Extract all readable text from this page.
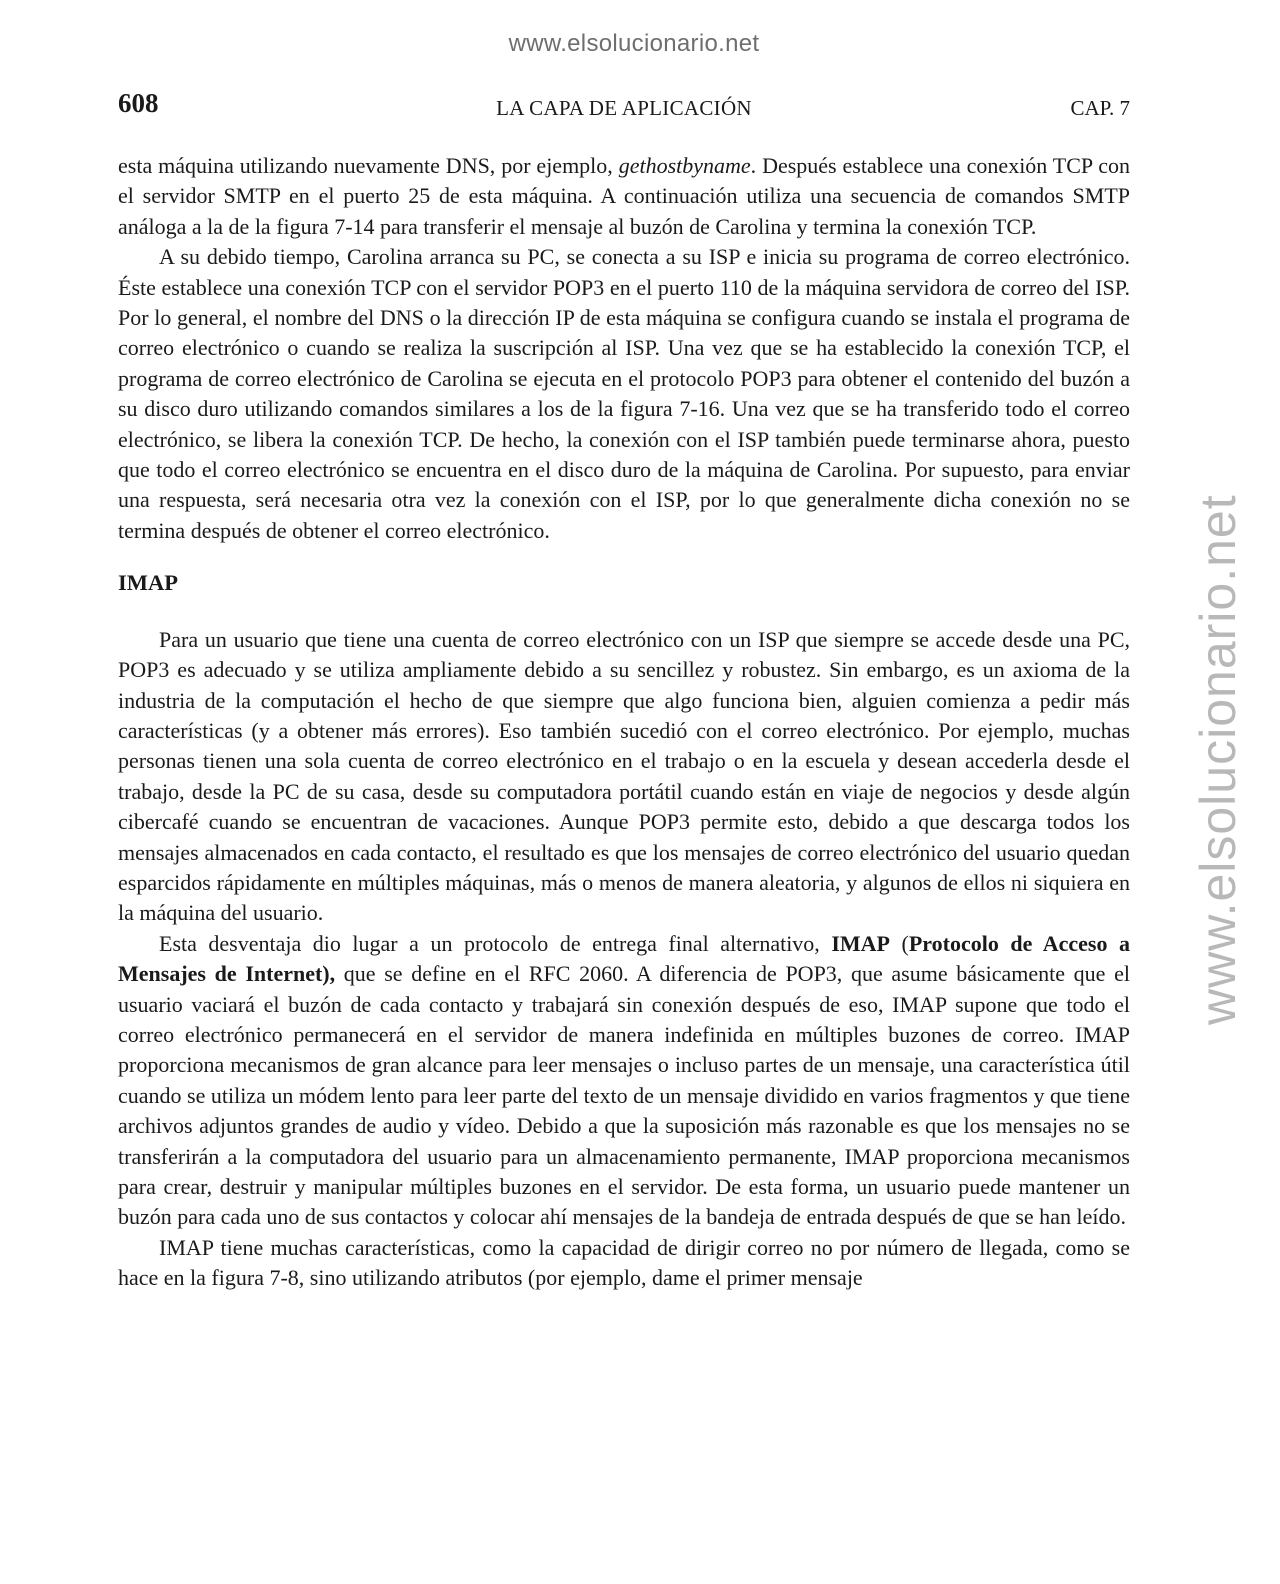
www.elsolucionario.net
www.elsolucionario.net
608	LA CAPA DE APLICACIÓN	CAP. 7

esta máquina utilizando nuevamente DNS, por ejemplo, gethostbyname. Después establece una conexión TCP con el servidor SMTP en el puerto 25 de esta máquina. A continuación utiliza una secuencia de comandos SMTP análoga a la de la figura 7-14 para transferir el mensaje al buzón de Carolina y termina la conexión TCP.

A su debido tiempo, Carolina arranca su PC, se conecta a su ISP e inicia su programa de correo electrónico. Éste establece una conexión TCP con el servidor POP3 en el puerto 110 de la máquina servidora de correo del ISP. Por lo general, el nombre del DNS o la dirección IP de esta máquina se configura cuando se instala el programa de correo electrónico o cuando se realiza la suscripción al ISP. Una vez que se ha establecido la conexión TCP, el programa de correo electrónico de Carolina se ejecuta en el protocolo POP3 para obtener el contenido del buzón a su disco duro utilizando comandos similares a los de la figura 7-16. Una vez que se ha transferido todo el correo electrónico, se libera la conexión TCP. De hecho, la conexión con el ISP también puede terminarse ahora, puesto que todo el correo electrónico se encuentra en el disco duro de la máquina de Carolina. Por supuesto, para enviar una respuesta, será necesaria otra vez la conexión con el ISP, por lo que generalmente dicha conexión no se termina después de obtener el correo electrónico.

IMAP

Para un usuario que tiene una cuenta de correo electrónico con un ISP que siempre se accede desde una PC, POP3 es adecuado y se utiliza ampliamente debido a su sencillez y robustez. Sin embargo, es un axioma de la industria de la computación el hecho de que siempre que algo funciona bien, alguien comienza a pedir más características (y a obtener más errores). Eso también sucedió con el correo electrónico. Por ejemplo, muchas personas tienen una sola cuenta de correo electrónico en el trabajo o en la escuela y desean accederla desde el trabajo, desde la PC de su casa, desde su computadora portátil cuando están en viaje de negocios y desde algún cibercafé cuando se encuentran de vacaciones. Aunque POP3 permite esto, debido a que descarga todos los mensajes almacenados en cada contacto, el resultado es que los mensajes de correo electrónico del usuario quedan esparcidos rápidamente en múltiples máquinas, más o menos de manera aleatoria, y algunos de ellos ni siquiera en la máquina del usuario.

Esta desventaja dio lugar a un protocolo de entrega final alternativo, IMAP (Protocolo de Acceso a Mensajes de Internet), que se define en el RFC 2060. A diferencia de POP3, que asume básicamente que el usuario vaciará el buzón de cada contacto y trabajará sin conexión después de eso, IMAP supone que todo el correo electrónico permanecerá en el servidor de manera indefinida en múltiples buzones de correo. IMAP proporciona mecanismos de gran alcance para leer mensajes o incluso partes de un mensaje, una característica útil cuando se utiliza un módem lento para leer parte del texto de un mensaje dividido en varios fragmentos y que tiene archivos adjuntos grandes de audio y vídeo. Debido a que la suposición más razonable es que los mensajes no se transferirán a la computadora del usuario para un almacenamiento permanente, IMAP proporciona mecanismos para crear, destruir y manipular múltiples buzones en el servidor. De esta forma, un usuario puede mantener un buzón para cada uno de sus contactos y colocar ahí mensajes de la bandeja de entrada después de que se han leído.

IMAP tiene muchas características, como la capacidad de dirigir correo no por número de llegada, como se hace en la figura 7-8, sino utilizando atributos (por ejemplo, dame el primer mensaje
